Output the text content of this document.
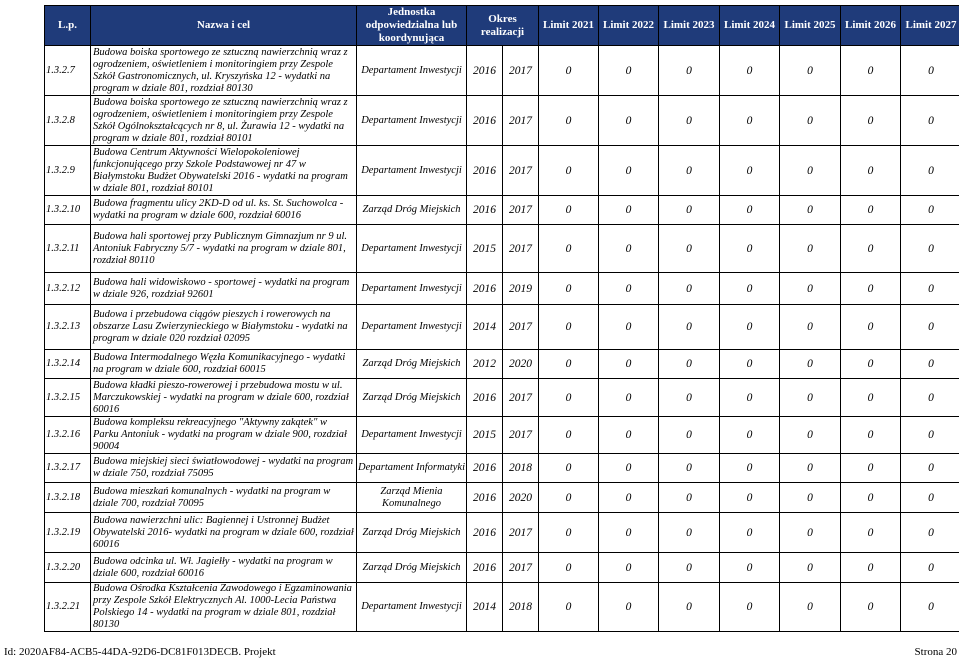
L.p.	Nazwa i cel	Jednostka odpowiedzialna lub koordynująca	Okres realizacji		Limit 2021	Limit 2022	Limit 2023	Limit 2024	Limit 2025	Limit 2026	Limit 2027
1.3.2.7	Budowa boiska sportowego ze sztuczną nawierzchnią wraz z ogrodzeniem, oświetleniem i monitoringiem przy Zespole Szkół Gastronomicznych, ul. Kryszyńska 12 - wydatki na program w dziale 801, rozdział 80130	Departament Inwestycji	2016	2017	0	0	0	0	0	0	0
1.3.2.8	Budowa boiska sportowego ze sztuczną nawierzchnią wraz z ogrodzeniem, oświetleniem i monitoringiem przy Zespole Szkół Ogólnokształcących nr 8, ul. Żurawia 12 - wydatki na program w dziale 801, rozdział 80101	Departament Inwestycji	2016	2017	0	0	0	0	0	0	0
1.3.2.9	Budowa Centrum Aktywności Wielopokoleniowej funkcjonującego przy Szkole Podstawowej nr 47 w Białymstoku Budżet Obywatelski 2016 - wydatki na program w dziale 801, rozdział 80101	Departament Inwestycji	2016	2017	0	0	0	0	0	0	0
1.3.2.10	Budowa fragmentu ulicy 2KD-D od ul. ks. St. Suchowolca - wydatki na program w dziale 600, rozdział 60016	Zarząd Dróg Miejskich	2016	2017	0	0	0	0	0	0	0
1.3.2.11	Budowa hali sportowej przy Publicznym Gimnazjum nr 9 ul. Antoniuk Fabryczny 5/7 - wydatki na program w dziale 801, rozdział 80110	Departament Inwestycji	2015	2017	0	0	0	0	0	0	0
1.3.2.12	Budowa hali widowiskowo - sportowej - wydatki na program w dziale 926, rozdział 92601	Departament Inwestycji	2016	2019	0	0	0	0	0	0	0
1.3.2.13	Budowa i przebudowa ciągów pieszych i rowerowych na obszarze Lasu Zwierzynieckiego w Białymstoku - wydatki na program w dziale 020 rozdział 02095	Departament Inwestycji	2014	2017	0	0	0	0	0	0	0
1.3.2.14	Budowa Intermodalnego Węzła Komunikacyjnego - wydatki na program w dziale 600, rozdział 60015	Zarząd Dróg Miejskich	2012	2020	0	0	0	0	0	0	0
1.3.2.15	Budowa kładki pieszo-rowerowej i przebudowa mostu w ul. Marczukowskiej - wydatki na program w dziale 600, rozdział 60016	Zarząd Dróg Miejskich	2016	2017	0	0	0	0	0	0	0
1.3.2.16	Budowa kompleksu rekreacyjnego "Aktywny zakątek" w Parku Antoniuk - wydatki na program w dziale 900, rozdział 90004	Departament Inwestycji	2015	2017	0	0	0	0	0	0	0
1.3.2.17	Budowa miejskiej sieci światłowodowej - wydatki na program w dziale 750, rozdział 75095	Departament Informatyki	2016	2018	0	0	0	0	0	0	0
1.3.2.18	Budowa mieszkań komunalnych - wydatki na program w dziale 700, rozdział 70095	Zarząd Mienia Komunalnego	2016	2020	0	0	0	0	0	0	0
1.3.2.19	Budowa nawierzchni ulic: Bagiennej i Ustronnej Budżet Obywatelski 2016- wydatki na program w dziale 600, rozdział 60016	Zarząd Dróg Miejskich	2016	2017	0	0	0	0	0	0	0
1.3.2.20	Budowa odcinka ul. Wł. Jagiełły - wydatki na program w dziale 600, rozdział 60016	Zarząd Dróg Miejskich	2016	2017	0	0	0	0	0	0	0
1.3.2.21	Budowa Ośrodka Kształcenia Zawodowego i Egzaminowania przy Zespole Szkół Elektrycznych Al. 1000-Lecia Państwa Polskiego 14 - wydatki na program w dziale 801, rozdział 80130	Departament Inwestycji	2014	2018	0	0	0	0	0	0	0
Id: 2020AF84-ACB5-44DA-92D6-DC81F013DECB. Projekt	Strona 20
